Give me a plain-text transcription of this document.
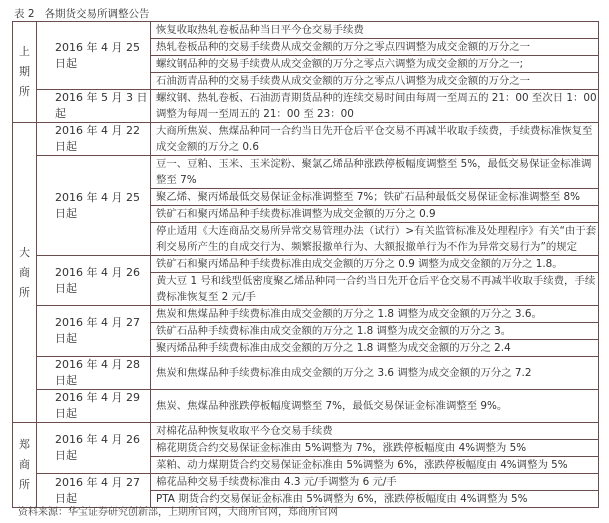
表 2 各期货交易所调整公告
上
期
所	2016 年 4 月 25 日起	恢复收取热轧卷板品种当日平今仓交易手续费
		热轧卷板品种的交易手续费从成交金额的万分之零点四调整为成交金额的万分之一
		螺纹钢品种的交易手续费从成交金额的万分之零点六调整为成交金额的万分之一;
		石油沥青品种的交易手续费从成交金额的万分之零点八调整为成交金额的万分之一
	2016 年 5 月 3 日起	螺纹钢、热轧卷板、石油沥青期货品种的连续交易时间由每周一至周五的 21：00 至次日 1：00 调整为每周一至周五的 21：00 至 23：00
大
商
所	2016 年 4 月 22 日起	大商所焦炭、焦煤品种同一合约当日先开仓后平仓交易不再减半收取手续费，手续费标准恢复至成交金额的万分之 0.6
	2016 年 4 月 25 日起	豆一、豆粕、玉米、玉米淀粉、聚氯乙烯品种涨跌停板幅度调整至 5%，最低交易保证金标准调整至 7%
		聚乙烯、聚丙烯最低交易保证金标准调整至 7%；铁矿石品种最低交易保证金标准调整至 8%
		铁矿石和聚丙烯品种手续费标准调整为成交金额的万分之 0.9
		停止适用《大连商品交易所异常交易管理办法（试行）>有关监管标准及处理程序》有关“由于套利交易所产生的自成交行为、频繁报撤单行为、大额报撤单行为不作为异常交易行为”的规定
	2016 年 4 月 26 日起	铁矿石和聚丙烯品种手续费标准由成交金额的万分之 0.9 调整为成交金额的万分之 1.8。
		黄大豆 1 号和线型低密度聚乙烯品种同一合约当日先开仓后平仓交易不再减半收取手续费，手续费标准恢复至 2 元/手
	2016 年 4 月 27 日起	焦炭和焦煤品种手续费标准由成交金额的万分之 1.8 调整为成交金额的万分之 3.6。
		铁矿石品种手续费标准由成交金额的万分之 1.8 调整为成交金额的万分之 3。
		聚丙烯品种手续费标准由成交金额的万分之 1.8 调整为成交金额的万分之 2.4
	2016 年 4 月 28 日起	焦炭和焦煤品种手续费标准由成交金额的万分之 3.6 调整为成交金额的万分之 7.2
	2016 年 4 月 29 日起	焦炭、焦煤品种涨跌停板幅度调整至 7%，最低交易保证金标准调整至 9%。
郑
商
所	2016 年 4 月 26 日起	对棉花品种恢复收取平今仓交易手续费
		棉花期货合约交易保证金标准由 5%调整为 7%，涨跌停板幅度由 4%调整为 5%
		菜粕、动力煤期货合约交易保证金标准由 5%调整为 6%，涨跌停板幅度由 4%调整为 5%
	2016 年 4 月 27 日起	棉花品种交易手续费标准由 4.3 元/手调整为 6 元/手
		PTA 期货合约交易保证金标准由 5%调整为 6%，涨跌停板幅度由 4%调整为 5%
资料来源：华宝证券研究创新部，上期所官网，大商所官网，郑商所官网
